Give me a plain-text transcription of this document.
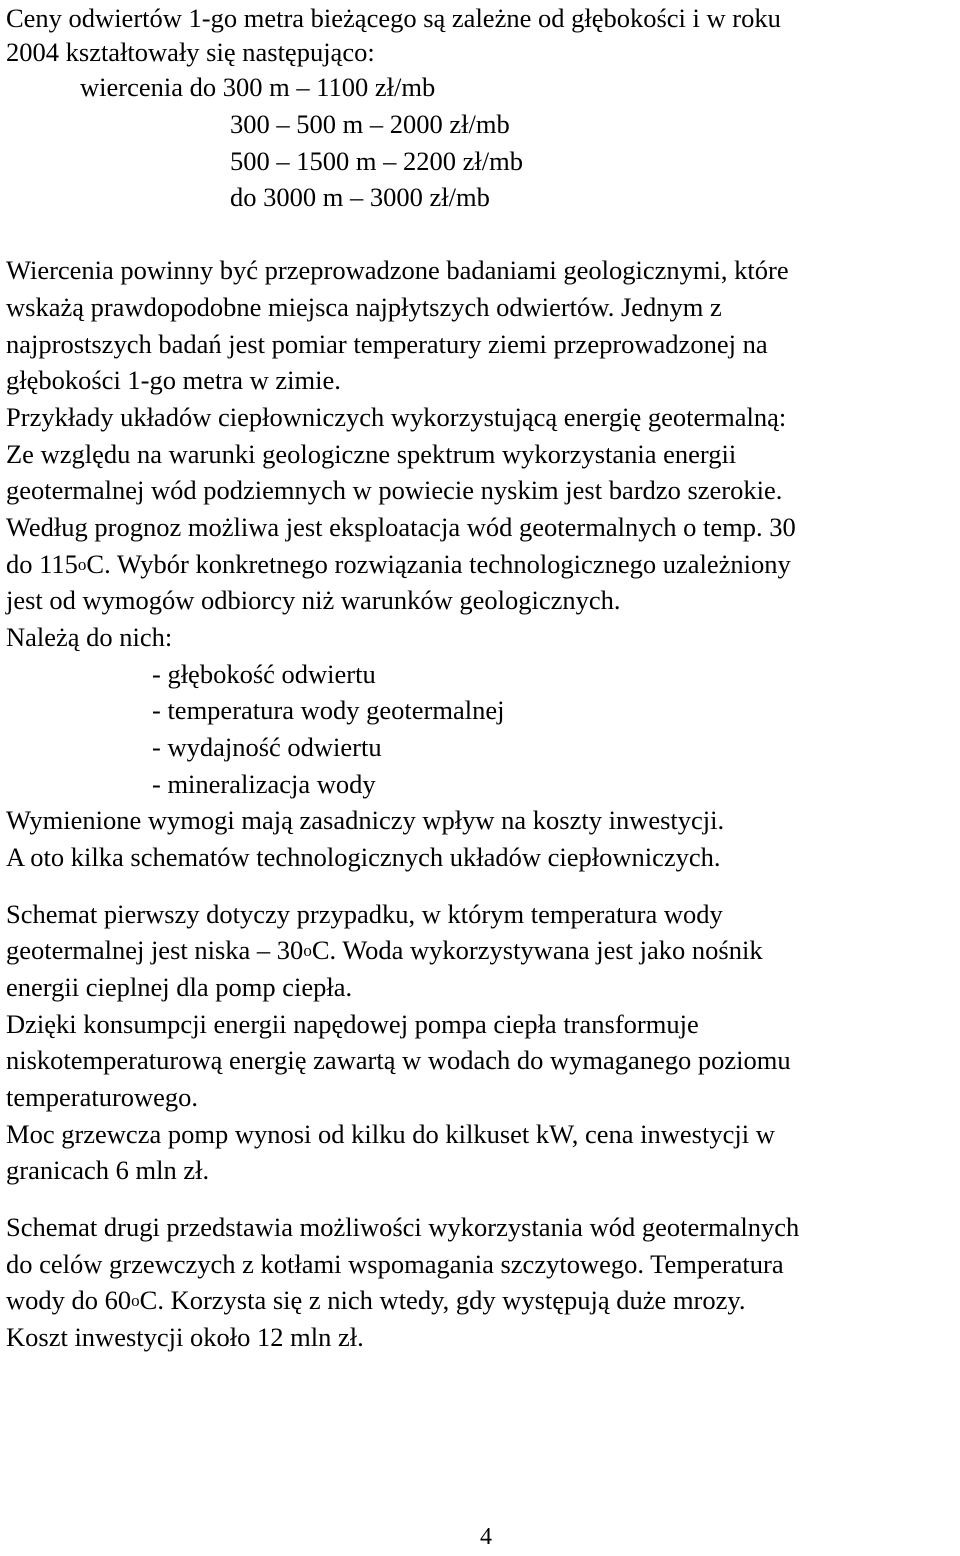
Ceny odwiertów 1-go metra bieżącego są zależne od głębokości i w roku
2004 kształtowały się następująco:
wiercenia do 300 m – 1100 zł/mb
300 – 500 m – 2000 zł/mb
500 – 1500 m – 2200 zł/mb
do 3000 m – 3000 zł/mb
Wiercenia powinny być przeprowadzone badaniami geologicznymi, które
wskażą prawdopodobne miejsca najpłytszych odwiertów. Jednym z
najprostszych badań jest pomiar temperatury ziemi przeprowadzonej na
głębokości 1-go metra w zimie.
Przykłady układów ciepłowniczych wykorzystującą energię geotermalną:
Ze względu na warunki geologiczne spektrum wykorzystania energii
geotermalnej wód podziemnych w powiecie nyskim jest bardzo szerokie.
Według prognoz możliwa jest eksploatacja wód geotermalnych o temp. 30
do 115$^o$C. Wybór konkretnego rozwiązania technologicznego uzależniony
jest od wymogów odbiorcy niż warunków geologicznych.
Należą do nich:
- głębokość odwiertu
- temperatura wody geotermalnej
- wydajność odwiertu
- mineralizacja wody
Wymienione wymogi mają zasadniczy wpływ na koszty inwestycji.
A oto kilka schematów technologicznych układów ciepłowniczych.
Schemat pierwszy dotyczy przypadku, w którym temperatura wody
geotermalnej jest niska – 30$^o$C. Woda wykorzystywana jest jako nośnik
energii cieplnej dla pomp ciepła.
Dzięki konsumpcji energii napędowej pompa ciepła transformuje
niskotemperaturową energię zawartą w wodach do wymaganego poziomu
temperaturowego.
Moc grzewcza pomp wynosi od kilku do kilkuset kW, cena inwestycji w
granicach 6 mln zł.
Schemat drugi przedstawia możliwości wykorzystania wód geotermalnych
do celów grzewczych z kotłami wspomagania szczytowego. Temperatura
wody do 60$^o$C. Korzysta się z nich wtedy, gdy występują duże mrozy.
Koszt inwestycji około 12 mln zł.
4
